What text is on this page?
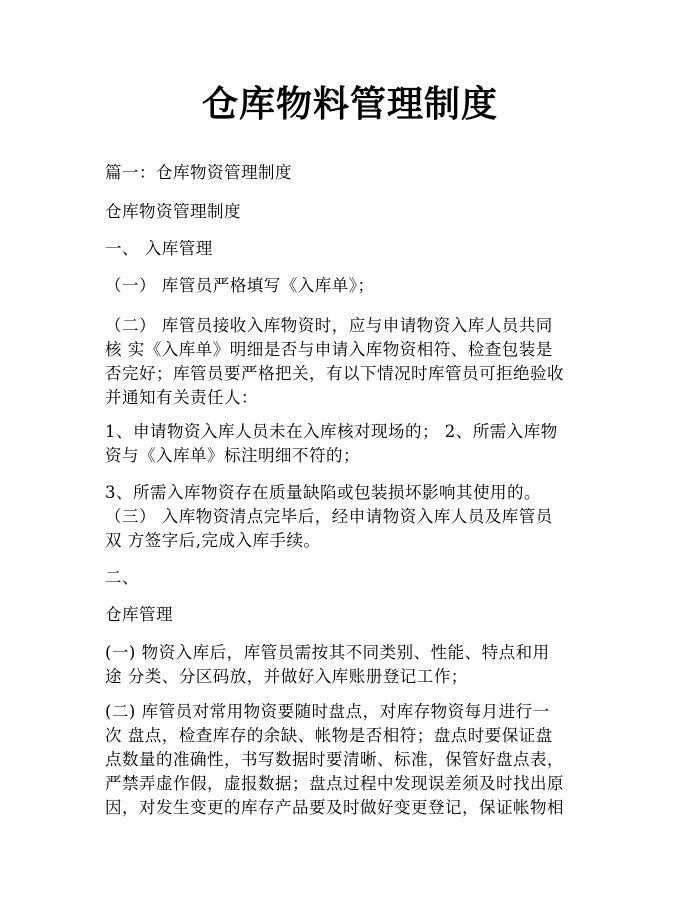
仓库物料管理制度

篇一：仓库物资管理制度

仓库物资管理制度

一、 入库管理

（一） 库管员严格填写《入库单》；

（二） 库管员接收入库物资时，应与申请物资入库人员共同
核 实《入库单》明细是否与申请入库物资相符、检查包装是
否完好；库管员要严格把关，有以下情况时库管员可拒绝验收
并通知有关责任人：

1、申请物资入库人员未在入库核对现场的； 2、所需入库物
资与《入库单》标注明细不符的；

3、所需入库物资存在质量缺陷或包装损坏影响其使用的。
（三） 入库物资清点完毕后，经申请物资入库人员及库管员
双 方签字后,完成入库手续。

二、

仓库管理

(一) 物资入库后，库管员需按其不同类别、性能、特点和用
途 分类、分区码放，并做好入库账册登记工作；

(二) 库管员对常用物资要随时盘点，对库存物资每月进行一
次 盘点，检查库存的余缺、帐物是否相符；盘点时要保证盘
点数量的准确性，书写数据时要清晰、标准，保管好盘点表，
严禁弄虚作假，虚报数据；盘点过程中发现误差须及时找出原
因，对发生变更的库存产品要及时做好变更登记，保证帐物相
